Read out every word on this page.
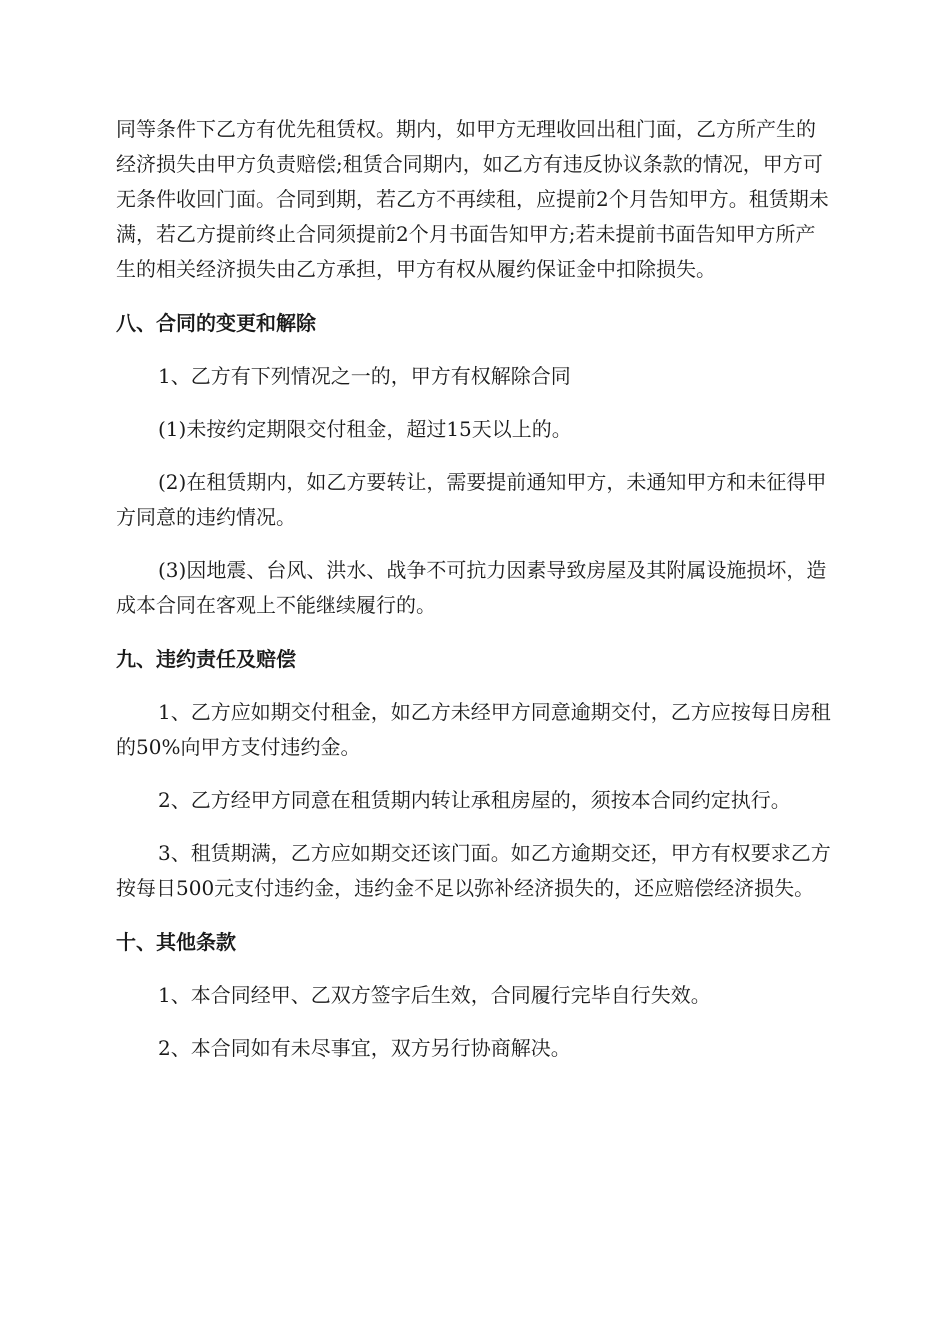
同等条件下乙方有优先租赁权。期内，如甲方无理收回出租门面，乙方所产生的经济损失由甲方负责赔偿;租赁合同期内，如乙方有违反协议条款的情况，甲方可无条件收回门面。合同到期，若乙方不再续租，应提前2个月告知甲方。租赁期未满，若乙方提前终止合同须提前2个月书面告知甲方;若未提前书面告知甲方所产生的相关经济损失由乙方承担，甲方有权从履约保证金中扣除损失。

八、合同的变更和解除

1、乙方有下列情况之一的，甲方有权解除合同

(1)未按约定期限交付租金，超过15天以上的。

(2)在租赁期内，如乙方要转让，需要提前通知甲方，未通知甲方和未征得甲方同意的违约情况。

(3)因地震、台风、洪水、战争不可抗力因素导致房屋及其附属设施损坏，造成本合同在客观上不能继续履行的。

九、违约责任及赔偿

1、乙方应如期交付租金，如乙方未经甲方同意逾期交付，乙方应按每日房租的50%向甲方支付违约金。

2、乙方经甲方同意在租赁期内转让承租房屋的，须按本合同约定执行。

3、租赁期满，乙方应如期交还该门面。如乙方逾期交还，甲方有权要求乙方按每日500元支付违约金，违约金不足以弥补经济损失的，还应赔偿经济损失。

十、其他条款

1、本合同经甲、乙双方签字后生效，合同履行完毕自行失效。

2、本合同如有未尽事宜，双方另行协商解决。
